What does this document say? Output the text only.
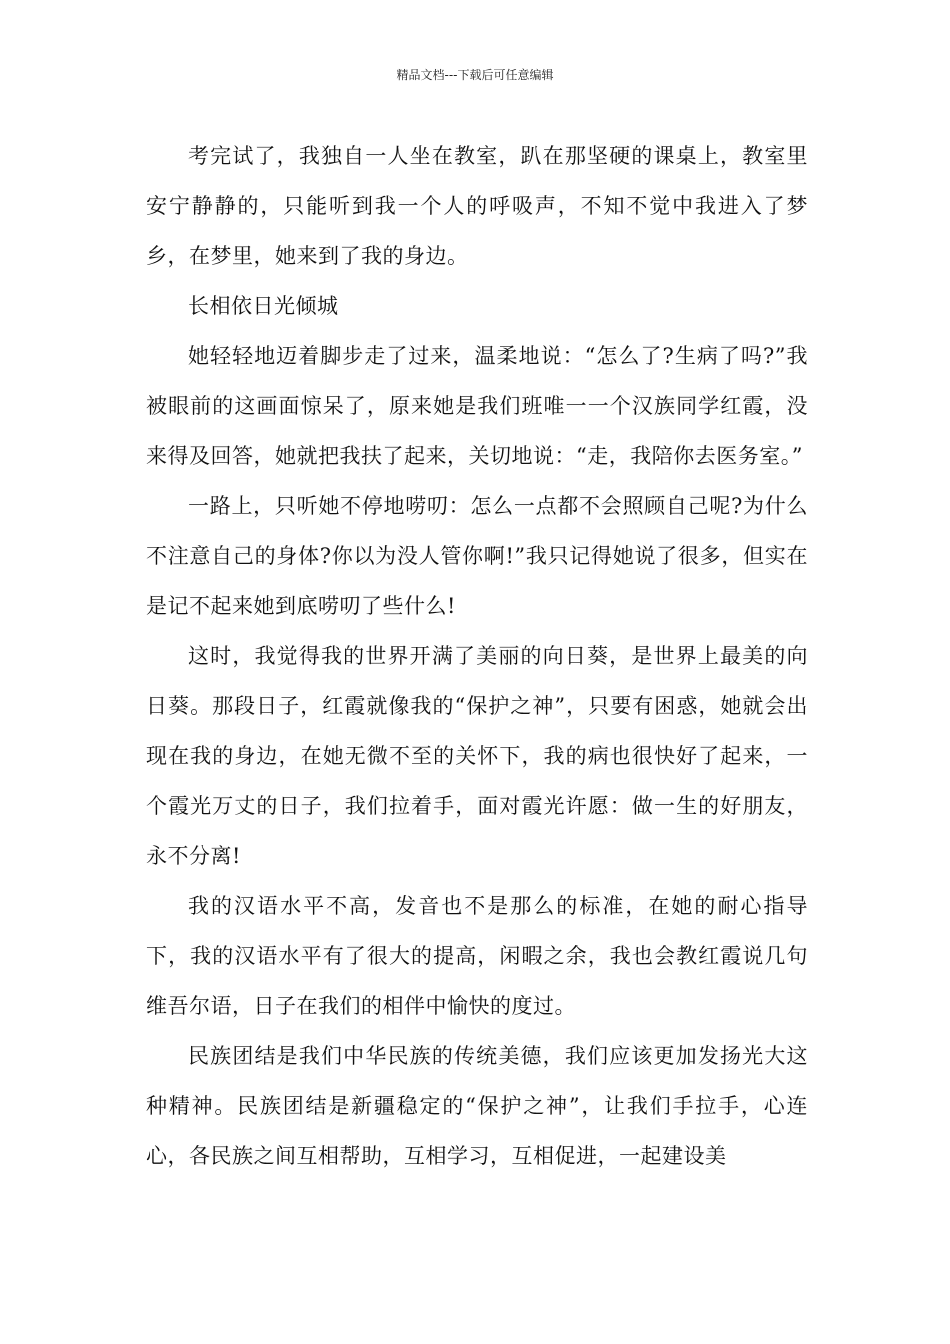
精品文档---下载后可任意编辑

考完试了，我独自一人坐在教室，趴在那坚硬的课桌上，教室里安宁静静的，只能听到我一个人的呼吸声，不知不觉中我进入了梦乡，在梦里，她来到了我的身边。

长相依日光倾城

她轻轻地迈着脚步走了过来，温柔地说：“怎么了?生病了吗?”我被眼前的这画面惊呆了，原来她是我们班唯一一个汉族同学红霞，没来得及回答，她就把我扶了起来，关切地说：“走，我陪你去医务室。”

一路上，只听她不停地唠叨：怎么一点都不会照顾自己呢?为什么不注意自己的身体?你以为没人管你啊!”我只记得她说了很多，但实在是记不起来她到底唠叨了些什么!

这时，我觉得我的世界开满了美丽的向日葵，是世界上最美的向日葵。那段日子，红霞就像我的“保护之神”，只要有困惑，她就会出现在我的身边，在她无微不至的关怀下，我的病也很快好了起来，一个霞光万丈的日子，我们拉着手，面对霞光许愿：做一生的好朋友，永不分离!

我的汉语水平不高，发音也不是那么的标准，在她的耐心指导下，我的汉语水平有了很大的提高，闲暇之余，我也会教红霞说几句维吾尔语，日子在我们的相伴中愉快的度过。

民族团结是我们中华民族的传统美德，我们应该更加发扬光大这种精神。民族团结是新疆稳定的“保护之神”，让我们手拉手，心连心，各民族之间互相帮助，互相学习，互相促进，一起建设美
